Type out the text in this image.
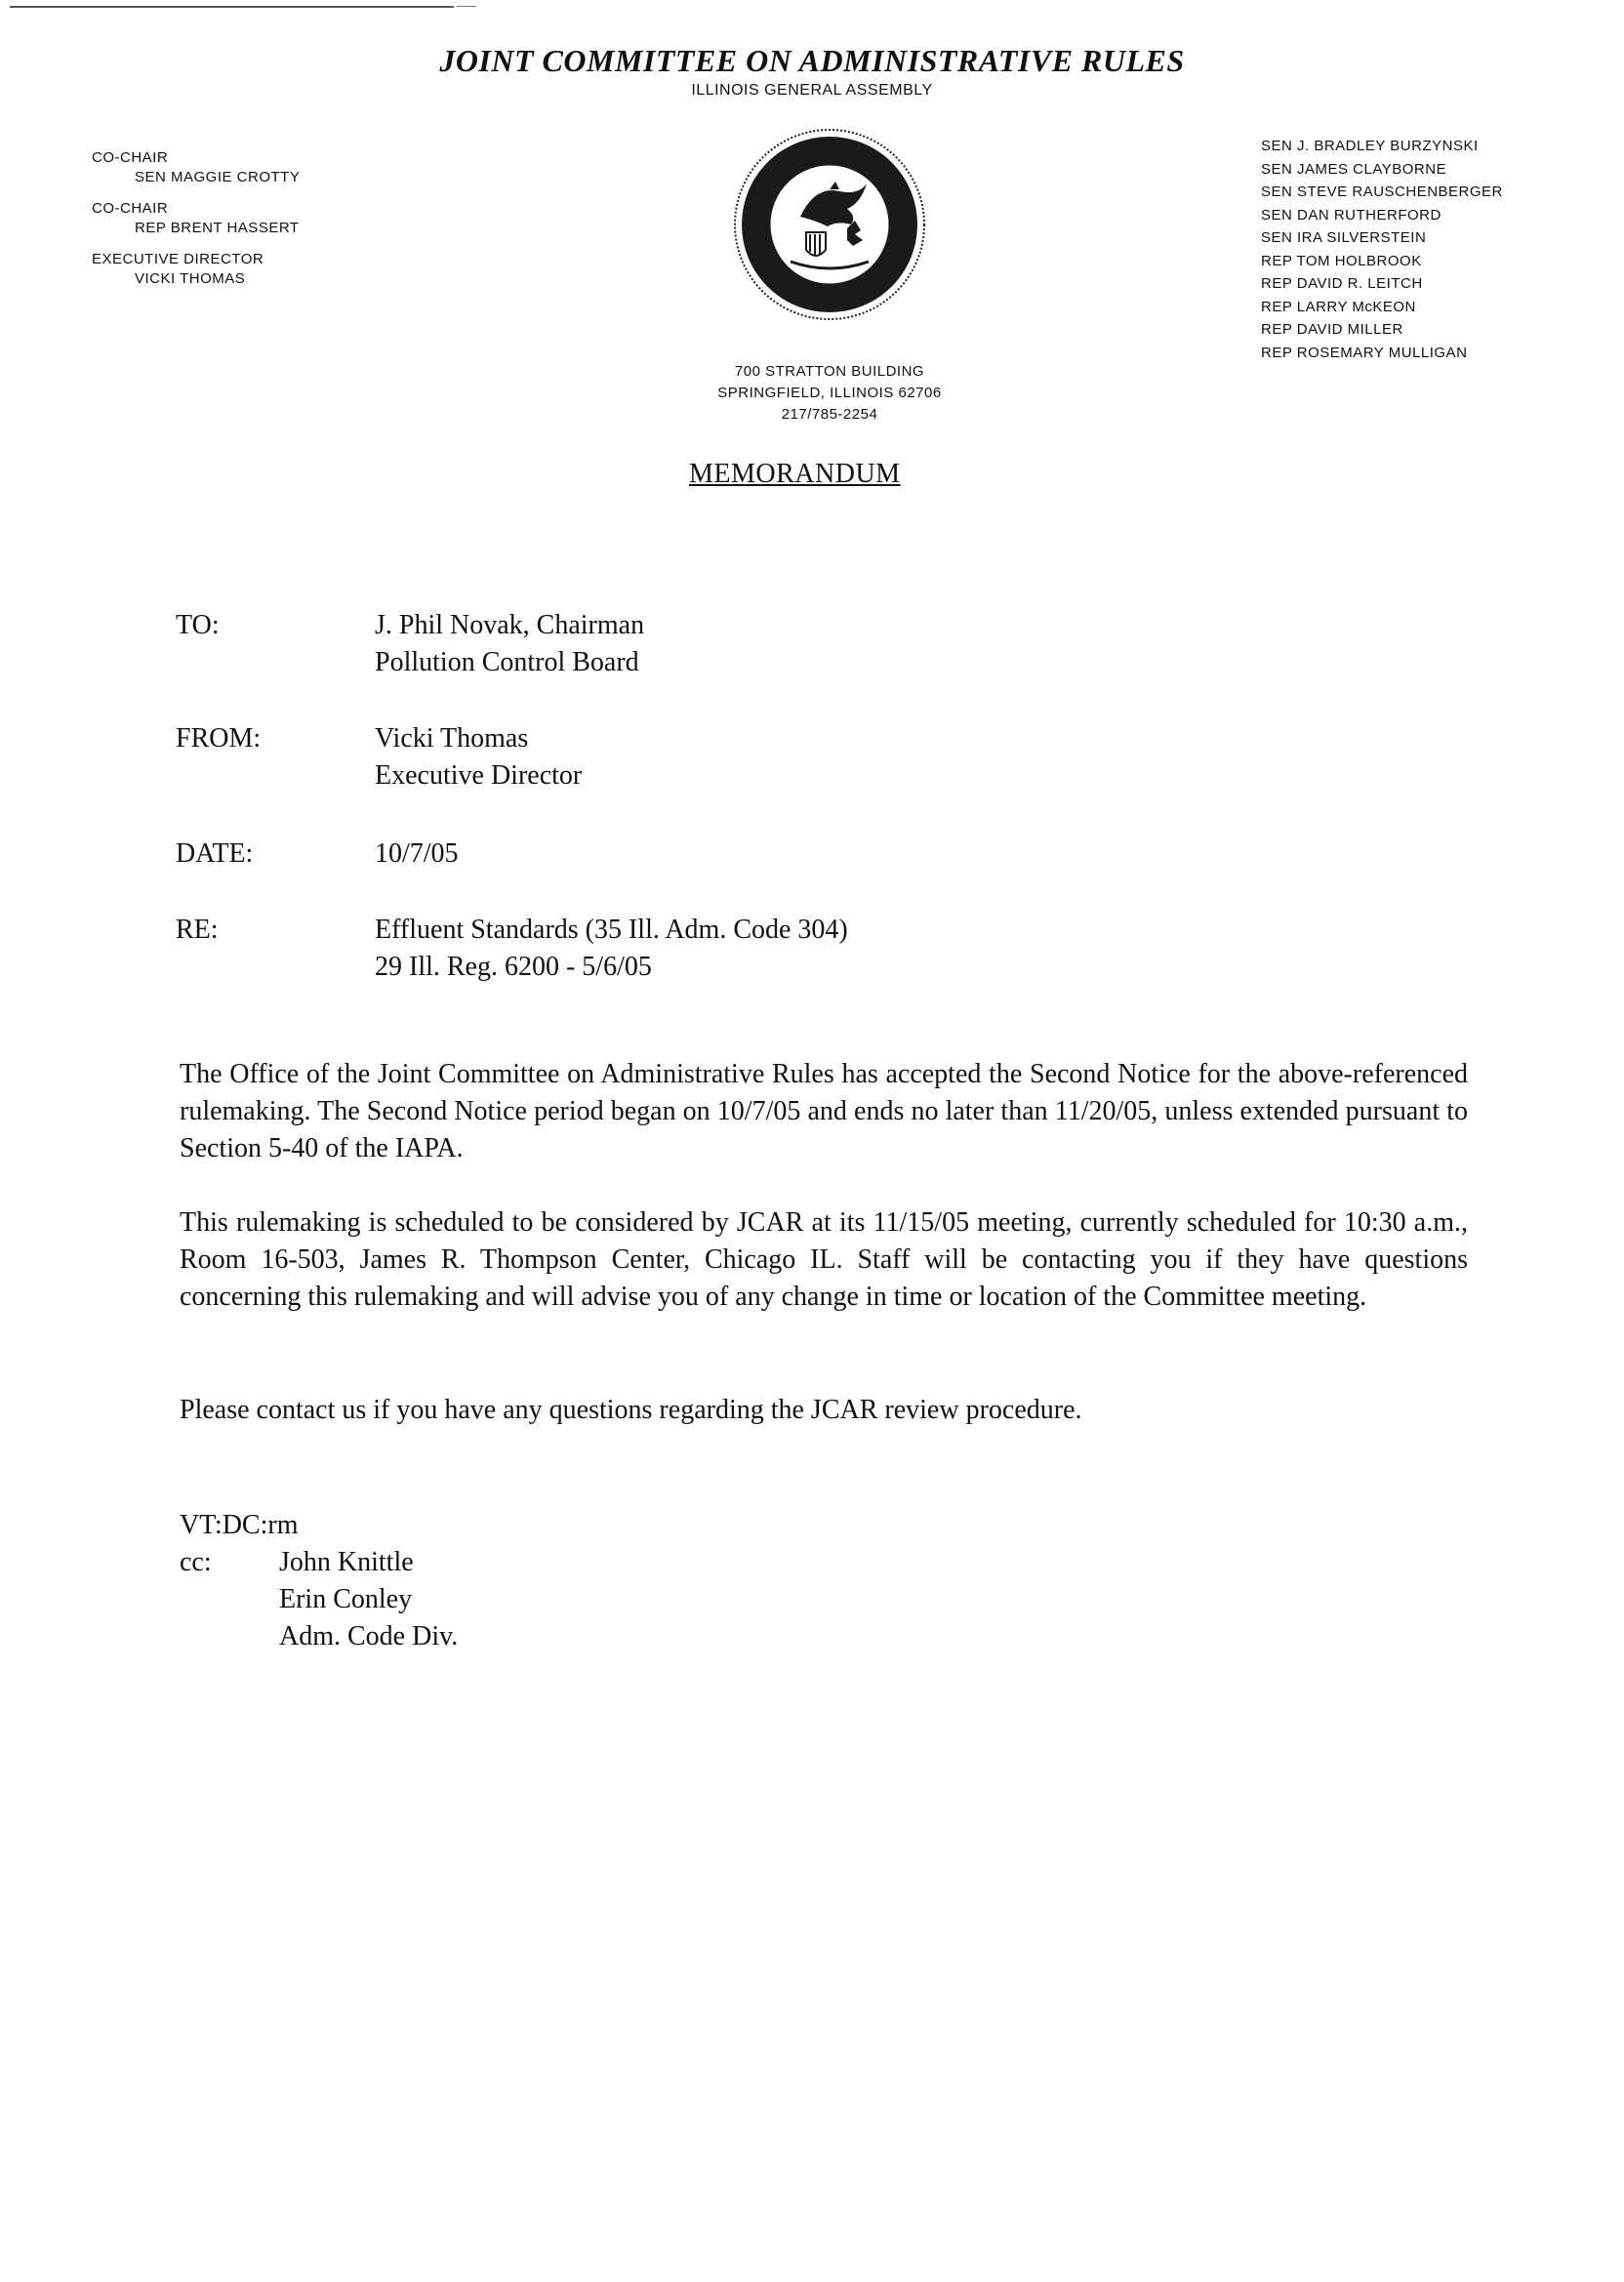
JOINT COMMITTEE ON ADMINISTRATIVE RULES
ILLINOIS GENERAL ASSEMBLY
CO-CHAIR
SEN MAGGIE CROTTY
CO-CHAIR
REP BRENT HASSERT
EXECUTIVE DIRECTOR
VICKI THOMAS
SEN J. BRADLEY BURZYNSKI
SEN JAMES CLAYBORNE
SEN STEVE RAUSCHENBERGER
SEN DAN RUTHERFORD
SEN IRA SILVERSTEIN
REP TOM HOLBROOK
REP DAVID R. LEITCH
REP LARRY McKEON
REP DAVID MILLER
REP ROSEMARY MULLIGAN
700 STRATTON BUILDING
SPRINGFIELD, ILLINOIS 62706
217/785-2254
MEMORANDUM
TO:	J. Phil Novak, Chairman
Pollution Control Board
FROM:	Vicki Thomas
Executive Director
DATE:	10/7/05
RE:	Effluent Standards (35 Ill. Adm. Code 304)
29 Ill. Reg. 6200 - 5/6/05
The Office of the Joint Committee on Administrative Rules has accepted the Second Notice for the above-referenced rulemaking. The Second Notice period began on 10/7/05 and ends no later than 11/20/05, unless extended pursuant to Section 5-40 of the IAPA.
This rulemaking is scheduled to be considered by JCAR at its 11/15/05 meeting, currently scheduled for 10:30 a.m., Room 16-503, James R. Thompson Center, Chicago IL. Staff will be contacting you if they have questions concerning this rulemaking and will advise you of any change in time or location of the Committee meeting.
Please contact us if you have any questions regarding the JCAR review procedure.
VT:DC:rm
cc: John Knittle
Erin Conley
Adm. Code Div.
